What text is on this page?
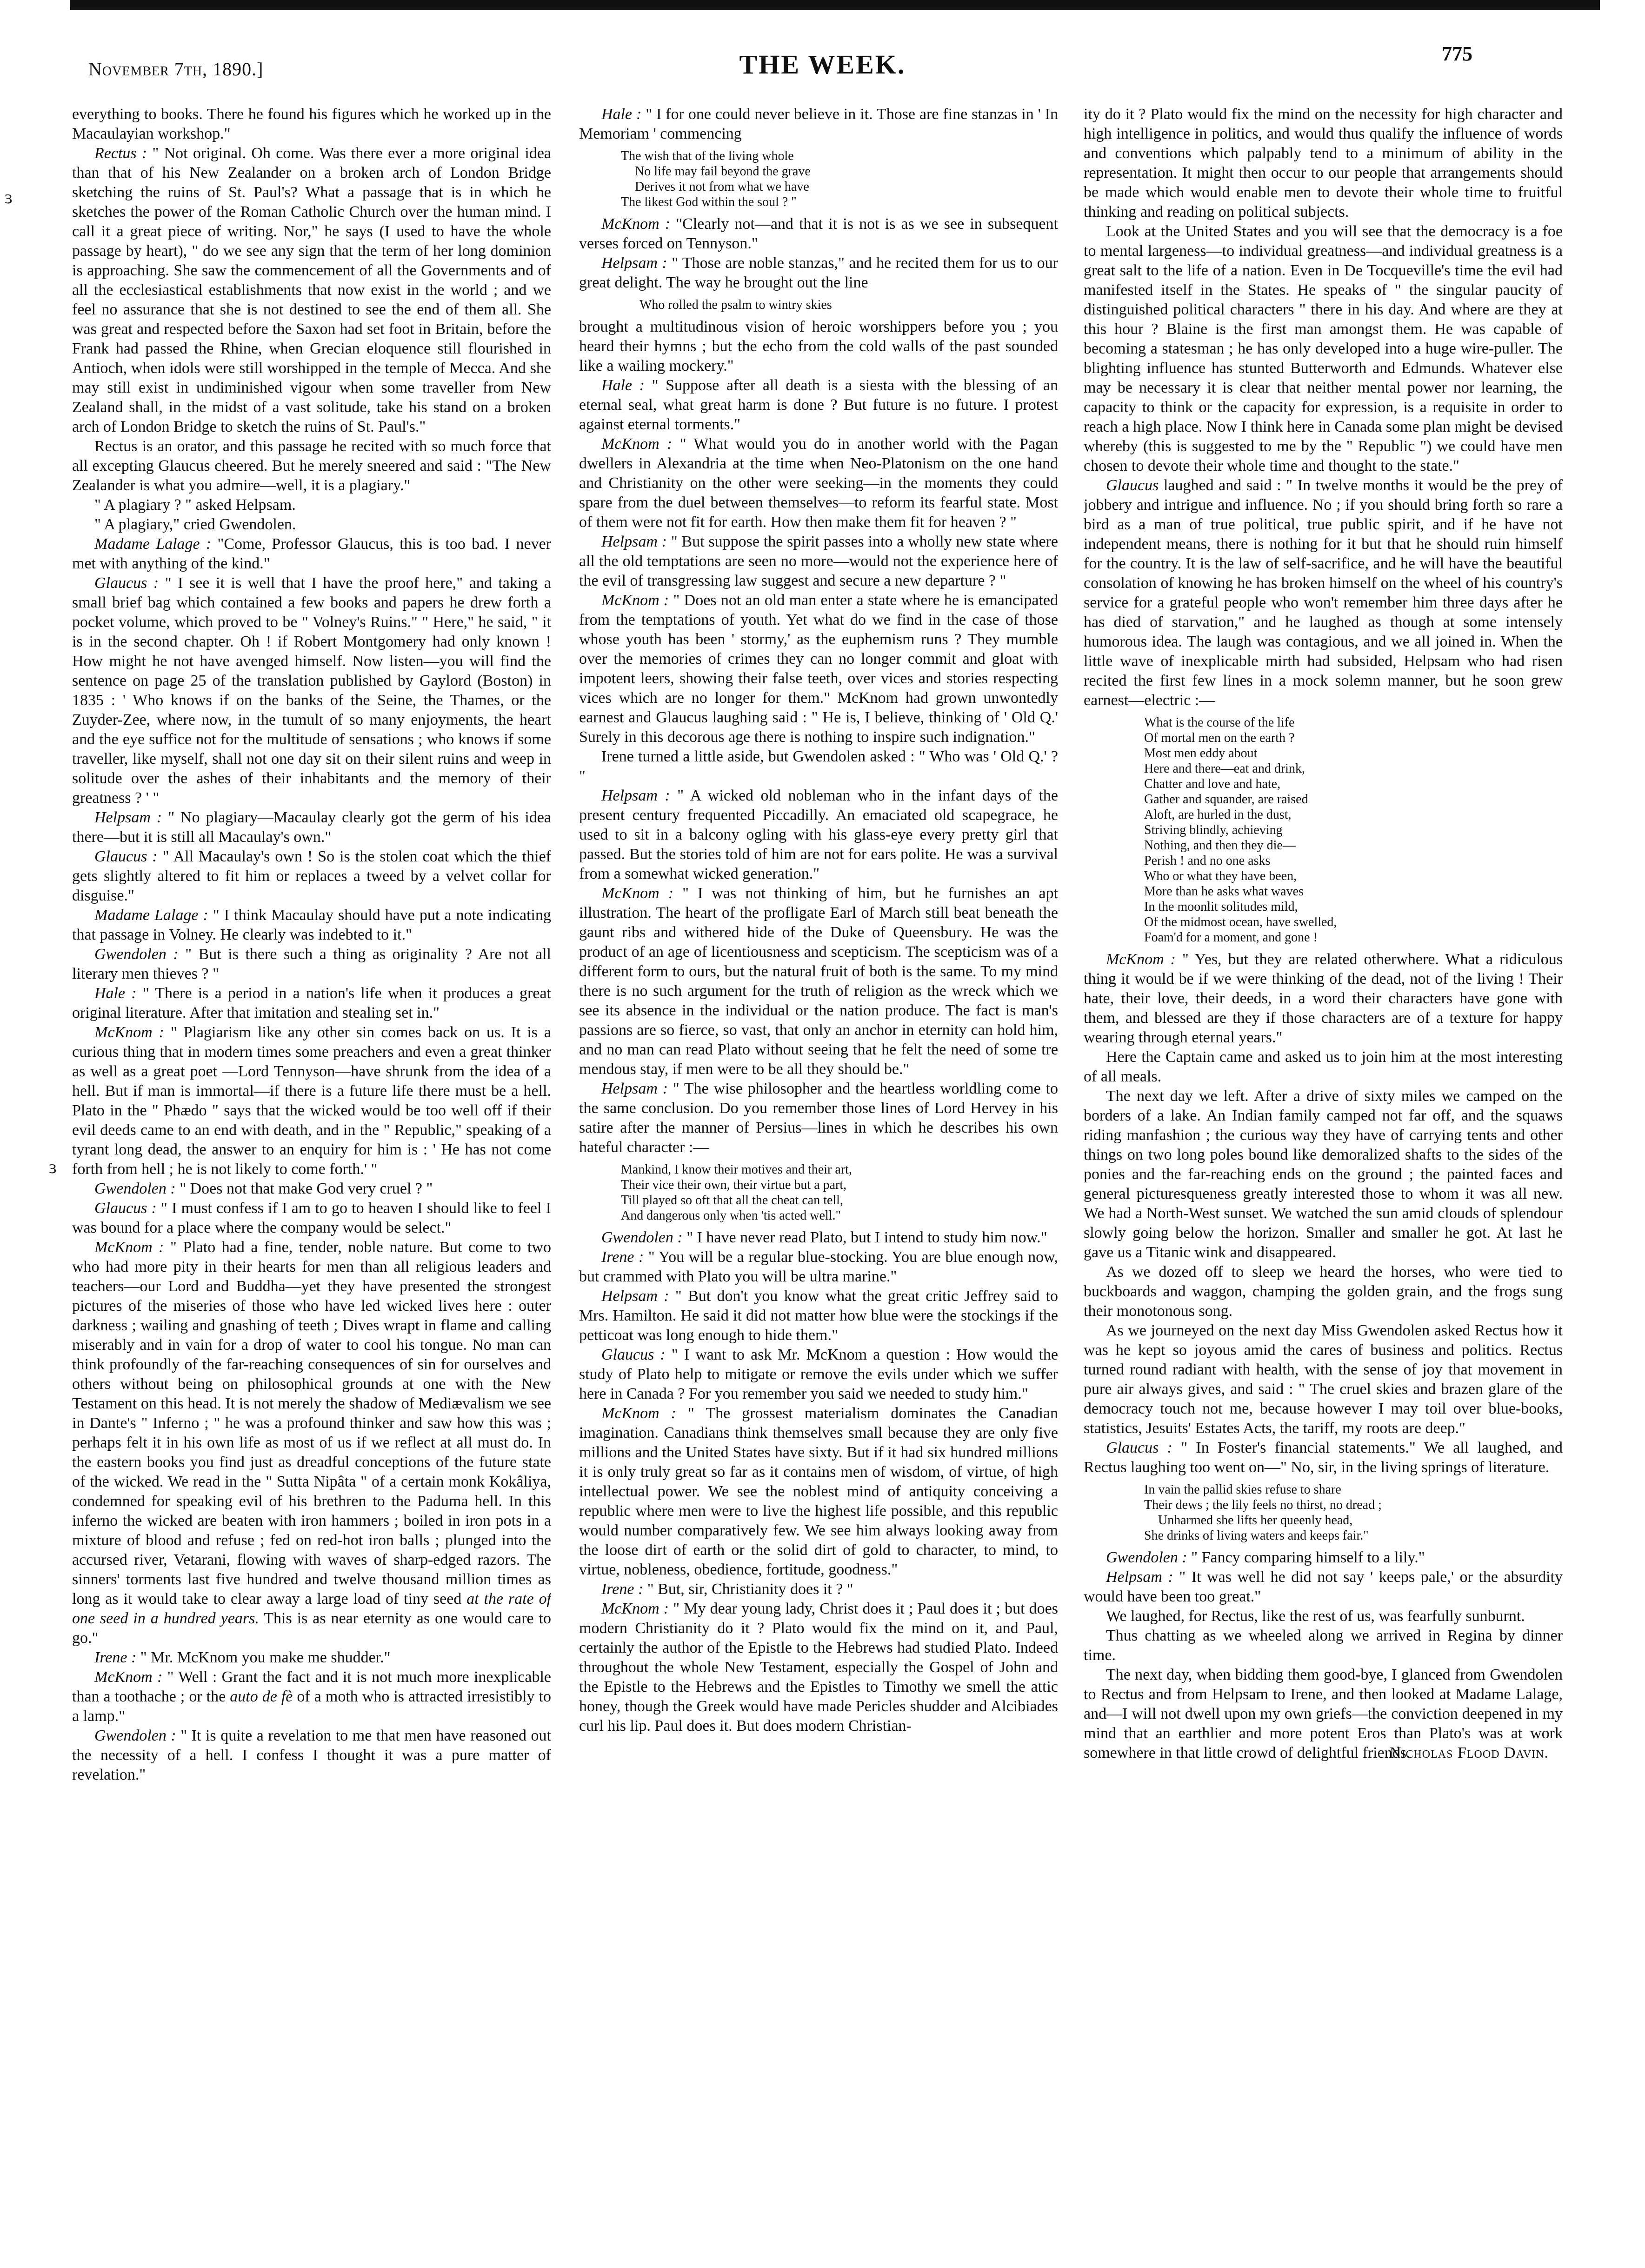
November 7th, 1890.]	THE WEEK.	775
ɜ
ɜ

everything to books. There he found his figures which he worked up in the Macaulayian workshop."

Rectus : " Not original. Oh come. Was there ever a more original idea than that of his New Zealander on a broken arch of London Bridge sketching the ruins of St. Paul's? What a passage that is in which he sketches the power of the Roman Catholic Church over the human mind. I call it a great piece of writing. Nor," he says (I used to have the whole passage by heart), " do we see any sign that the term of her long dominion is approaching. She saw the commencement of all the Governments and of all the ecclesiastical establishments that now exist in the world ; and we feel no assurance that she is not destined to see the end of them all. She was great and respected before the Saxon had set foot in Britain, before the Frank had passed the Rhine, when Grecian eloquence still flourished in Antioch, when idols were still worshipped in the temple of Mecca. And she may still exist in undiminished vigour when some traveller from New Zealand shall, in the midst of a vast solitude, take his stand on a broken arch of London Bridge to sketch the ruins of St. Paul's."

Rectus is an orator, and this passage he recited with so much force that all excepting Glaucus cheered. But he merely sneered and said : "The New Zealander is what you admire—well, it is a plagiary."

" A plagiary ? " asked Helpsam.

" A plagiary," cried Gwendolen.

Madame Lalage : "Come, Professor Glaucus, this is too bad. I never met with anything of the kind."

Glaucus : " I see it is well that I have the proof here," and taking a small brief bag which contained a few books and papers he drew forth a pocket volume, which proved to be " Volney's Ruins." " Here," he said, " it is in the second chapter. Oh ! if Robert Montgomery had only known ! How might he not have avenged himself. Now listen—you will find the sentence on page 25 of the translation published by Gaylord (Boston) in 1835 : ' Who knows if on the banks of the Seine, the Thames, or the Zuyder-Zee, where now, in the tumult of so many enjoyments, the heart and the eye suffice not for the multitude of sensations ; who knows if some traveller, like myself, shall not one day sit on their silent ruins and weep in solitude over the ashes of their inhabitants and the memory of their greatness ? ' "

Helpsam : " No plagiary—Macaulay clearly got the germ of his idea there—but it is still all Macaulay's own."

Glaucus : " All Macaulay's own ! So is the stolen coat which the thief gets slightly altered to fit him or replaces a tweed by a velvet collar for disguise."

Madame Lalage : " I think Macaulay should have put a note indicating that passage in Volney. He clearly was indebted to it."

Gwendolen : " But is there such a thing as originality ? Are not all literary men thieves ? "

Hale : " There is a period in a nation's life when it produces a great original literature. After that imitation and stealing set in."

McKnom : " Plagiarism like any other sin comes back on us. It is a curious thing that in modern times some preachers and even a great thinker as well as a great poet —Lord Tennyson—have shrunk from the idea of a hell. But if man is immortal—if there is a future life there must be a hell. Plato in the " Phædo " says that the wicked would be too well off if their evil deeds came to an end with death, and in the " Republic," speaking of a tyrant long dead, the answer to an enquiry for him is : ' He has not come forth from hell ; he is not likely to come forth.' "

Gwendolen : " Does not that make God very cruel ? "

Glaucus : " I must confess if I am to go to heaven I should like to feel I was bound for a place where the company would be select."

McKnom : " Plato had a fine, tender, noble nature. But come to two who had more pity in their hearts for men than all religious leaders and teachers—our Lord and Buddha—yet they have presented the strongest pictures of the miseries of those who have led wicked lives here : outer darkness ; wailing and gnashing of teeth ; Dives wrapt in flame and calling miserably and in vain for a drop of water to cool his tongue. No man can think profoundly of the far-reaching consequences of sin for ourselves and others without being on philosophical grounds at one with the New Testament on this head. It is not merely the shadow of Mediævalism we see in Dante's " Inferno ; " he was a profound thinker and saw how this was ; perhaps felt it in his own life as most of us if we reflect at all must do. In the eastern books you find just as dreadful conceptions of the future state of the wicked. We read in the " Sutta Nipâta " of a certain monk Kokâliya, condemned for speaking evil of his brethren to the Paduma hell. In this inferno the wicked are beaten with iron hammers ; boiled in iron pots in a mixture of blood and refuse ; fed on red-hot iron balls ; plunged into the accursed river, Vetarani, flowing with waves of sharp-edged razors. The sinners' torments last five hundred and twelve thousand million times as long as it would take to clear away a large load of tiny seed at the rate of one seed in a hundred years. This is as near eternity as one would care to go."

Irene : " Mr. McKnom you make me shudder."

McKnom : " Well : Grant the fact and it is not much more inexplicable than a toothache ; or the auto de fè of a moth who is attracted irresistibly to a lamp."

Gwendolen : " It is quite a revelation to me that men have reasoned out the necessity of a hell. I confess I thought it was a pure matter of revelation."

Hale : " I for one could never believe in it. Those are fine stanzas in ' In Memoriam ' commencing

The wish that of the living whole
No life may fail beyond the grave
Derives it not from what we have
The likest God within the soul ? "

McKnom : "Clearly not—and that it is not is as we see in subsequent verses forced on Tennyson."

Helpsam : " Those are noble stanzas," and he recited them for us to our great delight. The way he brought out the line

Who rolled the psalm to wintry skies

brought a multitudinous vision of heroic worshippers before you ; you heard their hymns ; but the echo from the cold walls of the past sounded like a wailing mockery."

Hale : " Suppose after all death is a siesta with the blessing of an eternal seal, what great harm is done ? But future is no future. I protest against eternal torments."

McKnom : " What would you do in another world with the Pagan dwellers in Alexandria at the time when Neo-Platonism on the one hand and Christianity on the other were seeking—in the moments they could spare from the duel between themselves—to reform its fearful state. Most of them were not fit for earth. How then make them fit for heaven ? "

Helpsam : " But suppose the spirit passes into a wholly new state where all the old temptations are seen no more—would not the experience here of the evil of transgressing law suggest and secure a new departure ? "

McKnom : " Does not an old man enter a state where he is emancipated from the temptations of youth. Yet what do we find in the case of those whose youth has been ' stormy,' as the euphemism runs ? They mumble over the memories of crimes they can no longer commit and gloat with impotent leers, showing their false teeth, over vices and stories respecting vices which are no longer for them." McKnom had grown unwontedly earnest and Glaucus laughing said : " He is, I believe, thinking of ' Old Q.' Surely in this decorous age there is nothing to inspire such indignation."

Irene turned a little aside, but Gwendolen asked : " Who was ' Old Q.' ? "

Helpsam : " A wicked old nobleman who in the infant days of the present century frequented Piccadilly. An emaciated old scapegrace, he used to sit in a balcony ogling with his glass-eye every pretty girl that passed. But the stories told of him are not for ears polite. He was a survival from a somewhat wicked generation."

McKnom : " I was not thinking of him, but he furnishes an apt illustration. The heart of the profligate Earl of March still beat beneath the gaunt ribs and withered hide of the Duke of Queensbury. He was the product of an age of licentiousness and scepticism. The scepticism was of a different form to ours, but the natural fruit of both is the same. To my mind there is no such argument for the truth of religion as the wreck which we see its absence in the individual or the nation produce. The fact is man's passions are so fierce, so vast, that only an anchor in eternity can hold him, and no man can read Plato without seeing that he felt the need of some tre mendous stay, if men were to be all they should be."

Helpsam : " The wise philosopher and the heartless worldling come to the same conclusion. Do you remember those lines of Lord Hervey in his satire after the manner of Persius—lines in which he describes his own hateful character :—

Mankind, I know their motives and their art,
Their vice their own, their virtue but a part,
Till played so oft that all the cheat can tell,
And dangerous only when 'tis acted well."

Gwendolen : " I have never read Plato, but I intend to study him now."

Irene : " You will be a regular blue-stocking. You are blue enough now, but crammed with Plato you will be ultra marine."

Helpsam : " But don't you know what the great critic Jeffrey said to Mrs. Hamilton. He said it did not matter how blue were the stockings if the petticoat was long enough to hide them."

Glaucus : " I want to ask Mr. McKnom a question : How would the study of Plato help to mitigate or remove the evils under which we suffer here in Canada ? For you remember you said we needed to study him."

McKnom : " The grossest materialism dominates the Canadian imagination. Canadians think themselves small because they are only five millions and the United States have sixty. But if it had six hundred millions it is only truly great so far as it contains men of wisdom, of virtue, of high intellectual power. We see the noblest mind of antiquity conceiving a republic where men were to live the highest life possible, and this republic would number comparatively few. We see him always looking away from the loose dirt of earth or the solid dirt of gold to character, to mind, to virtue, nobleness, obedience, fortitude, goodness."

Irene : " But, sir, Christianity does it ? "

McKnom : " My dear young lady, Christ does it ; Paul does it ; but does modern Christianity do it ? Plato would fix the mind on it, and Paul, certainly the author of the Epistle to the Hebrews had studied Plato. Indeed throughout the whole New Testament, especially the Gospel of John and the Epistle to the Hebrews and the Epistles to Timothy we smell the attic honey, though the Greek would have made Pericles shudder and Alcibiades curl his lip. Paul does it. But does modern Christian-

ity do it ? Plato would fix the mind on the necessity for high character and high intelligence in politics, and would thus qualify the influence of words and conventions which palpably tend to a minimum of ability in the representation. It might then occur to our people that arrangements should be made which would enable men to devote their whole time to fruitful thinking and reading on political subjects.

Look at the United States and you will see that the democracy is a foe to mental largeness—to individual greatness—and individual greatness is a great salt to the life of a nation. Even in De Tocqueville's time the evil had manifested itself in the States. He speaks of " the singular paucity of distinguished political characters " there in his day. And where are they at this hour ? Blaine is the first man amongst them. He was capable of becoming a statesman ; he has only developed into a huge wire-puller. The blighting influence has stunted Butterworth and Edmunds. Whatever else may be necessary it is clear that neither mental power nor learning, the capacity to think or the capacity for expression, is a requisite in order to reach a high place. Now I think here in Canada some plan might be devised whereby (this is suggested to me by the " Republic ") we could have men chosen to devote their whole time and thought to the state."

Glaucus laughed and said : " In twelve months it would be the prey of jobbery and intrigue and influence. No ; if you should bring forth so rare a bird as a man of true political, true public spirit, and if he have not independent means, there is nothing for it but that he should ruin himself for the country. It is the law of self-sacrifice, and he will have the beautiful consolation of knowing he has broken himself on the wheel of his country's service for a grateful people who won't remember him three days after he has died of starvation," and he laughed as though at some intensely humorous idea. The laugh was contagious, and we all joined in. When the little wave of inexplicable mirth had subsided, Helpsam who had risen recited the first few lines in a mock solemn manner, but he soon grew earnest—electric :—

What is the course of the life
Of mortal men on the earth ?
Most men eddy about
Here and there—eat and drink,
Chatter and love and hate,
Gather and squander, are raised
Aloft, are hurled in the dust,
Striving blindly, achieving
Nothing, and then they die—
Perish ! and no one asks
Who or what they have been,
More than he asks what waves
In the moonlit solitudes mild,
Of the midmost ocean, have swelled,
Foam'd for a moment, and gone !

McKnom : " Yes, but they are related otherwhere. What a ridiculous thing it would be if we were thinking of the dead, not of the living ! Their hate, their love, their deeds, in a word their characters have gone with them, and blessed are they if those characters are of a texture for happy wearing through eternal years."

Here the Captain came and asked us to join him at the most interesting of all meals.

The next day we left. After a drive of sixty miles we camped on the borders of a lake. An Indian family camped not far off, and the squaws riding manfashion ; the curious way they have of carrying tents and other things on two long poles bound like demoralized shafts to the sides of the ponies and the far-reaching ends on the ground ; the painted faces and general picturesqueness greatly interested those to whom it was all new. We had a North-West sunset. We watched the sun amid clouds of splendour slowly going below the horizon. Smaller and smaller he got. At last he gave us a Titanic wink and disappeared.

As we dozed off to sleep we heard the horses, who were tied to buckboards and waggon, champing the golden grain, and the frogs sung their monotonous song.

As we journeyed on the next day Miss Gwendolen asked Rectus how it was he kept so joyous amid the cares of business and politics. Rectus turned round radiant with health, with the sense of joy that movement in pure air always gives, and said : " The cruel skies and brazen glare of the democracy touch not me, because however I may toil over blue-books, statistics, Jesuits' Estates Acts, the tariff, my roots are deep."

Glaucus : " In Foster's financial statements." We all laughed, and Rectus laughing too went on—" No, sir, in the living springs of literature.

In vain the pallid skies refuse to share
Their dews ; the lily feels no thirst, no dread ;
Unharmed she lifts her queenly head,
She drinks of living waters and keeps fair."

Gwendolen : " Fancy comparing himself to a lily."

Helpsam : " It was well he did not say ' keeps pale,' or the absurdity would have been too great."

We laughed, for Rectus, like the rest of us, was fearfully sunburnt.

Thus chatting as we wheeled along we arrived in Regina by dinner time.

The next day, when bidding them good-bye, I glanced from Gwendolen to Rectus and from Helpsam to Irene, and then looked at Madame Lalage, and—I will not dwell upon my own griefs—the conviction deepened in my mind that an earthlier and more potent Eros than Plato's was at work somewhere in that little crowd of delightful friends.

Nicholas Flood Davin.
